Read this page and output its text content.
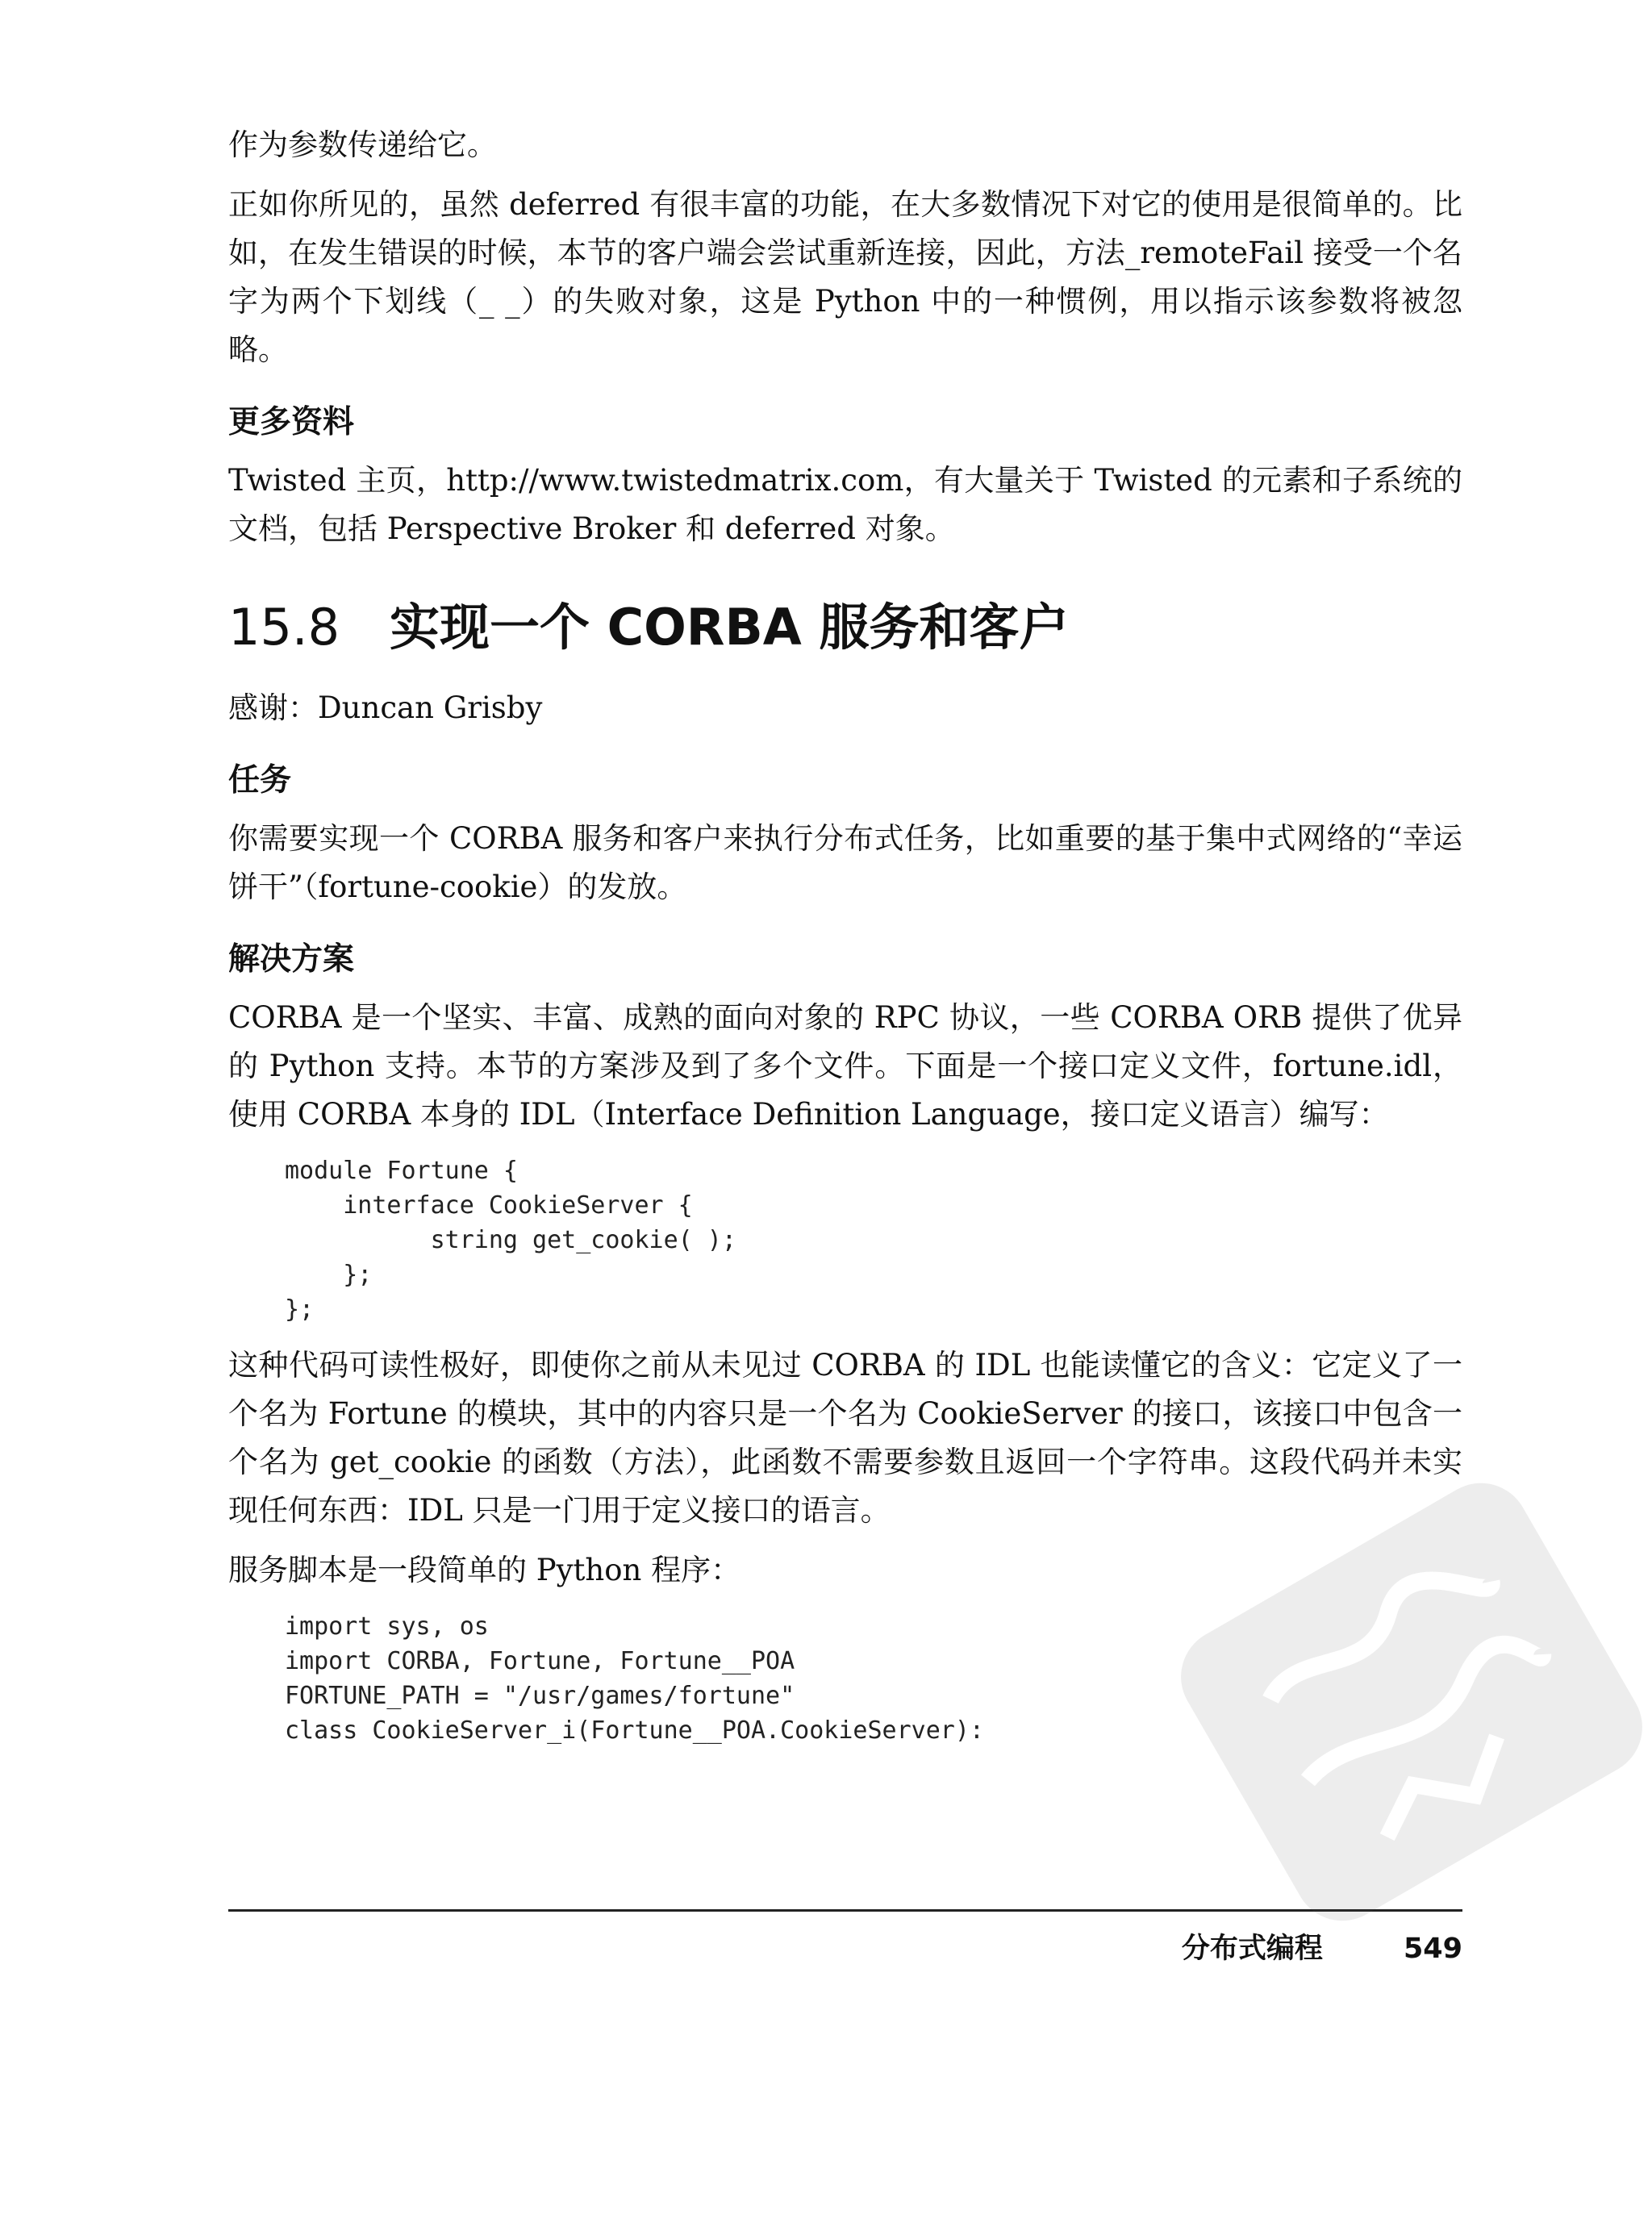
作为参数传递给它。

正如你所见的，虽然 deferred 有很丰富的功能，在大多数情况下对它的使用是很简单的。比如，在发生错误的时候，本节的客户端会尝试重新连接，因此，方法_remoteFail 接受一个名字为两个下划线（_ _）的失败对象，这是 Python 中的一种惯例，用以指示该参数将被忽略。

更多资料

Twisted 主页，http://www.twistedmatrix.com，有大量关于 Twisted 的元素和子系统的文档，包括 Perspective Broker 和 deferred 对象。

15.8 实现一个 CORBA 服务和客户
感谢：Duncan Grisby
任务

你需要实现一个 CORBA 服务和客户来执行分布式任务，比如重要的基于集中式网络的“幸运饼干”（fortune-cookie）的发放。

解决方案

CORBA 是一个坚实、丰富、成熟的面向对象的 RPC 协议，一些 CORBA ORB 提供了优异的 Python 支持。本节的方案涉及到了多个文件。下面是一个接口定义文件，fortune.idl，使用 CORBA 本身的 IDL（Interface Definition Language，接口定义语言）编写：

module Fortune {
interface CookieServer {
string get_cookie( );
};
};

这种代码可读性极好，即使你之前从未见过 CORBA 的 IDL 也能读懂它的含义：它定义了一个名为 Fortune 的模块，其中的内容只是一个名为 CookieServer 的接口，该接口中包含一个名为 get_cookie 的函数（方法），此函数不需要参数且返回一个字符串。这段代码并未实现任何东西：IDL 只是一门用于定义接口的语言。

服务脚本是一段简单的 Python 程序：

import sys, os
import CORBA, Fortune, Fortune__POA
FORTUNE_PATH = "/usr/games/fortune"
class CookieServer_i(Fortune__POA.CookieServer):
分布式编程	549
